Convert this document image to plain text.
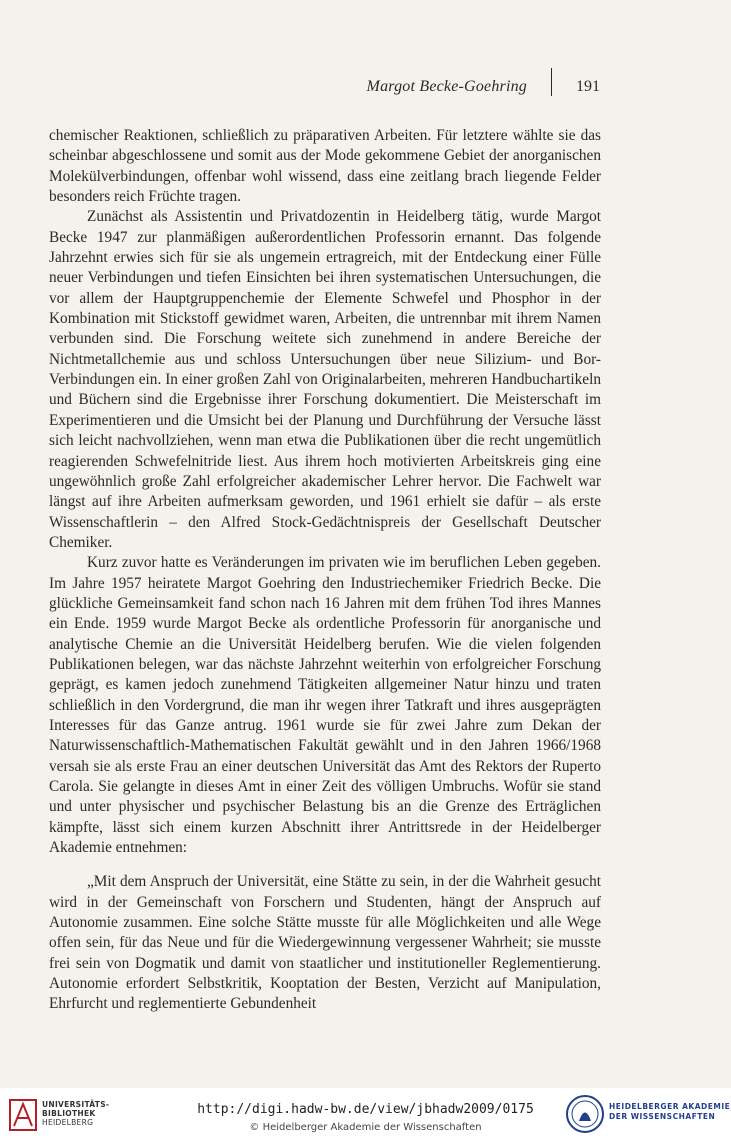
Margot Becke-Goehring	191

chemischer Reaktionen, schließlich zu präparativen Arbeiten. Für letztere wählte sie das scheinbar abgeschlossene und somit aus der Mode gekommene Gebiet der anorganischen Molekülverbindungen, offenbar wohl wissend, dass eine zeitlang brach liegende Felder besonders reich Früchte tragen.

Zunächst als Assistentin und Privatdozentin in Heidelberg tätig, wurde Margot Becke 1947 zur planmäßigen außerordentlichen Professorin ernannt. Das folgende Jahrzehnt erwies sich für sie als ungemein ertragreich, mit der Entdeckung einer Fülle neuer Verbindungen und tiefen Einsichten bei ihren systematischen Untersuchungen, die vor allem der Hauptgruppenchemie der Elemente Schwefel und Phosphor in der Kombination mit Stickstoff gewidmet waren, Arbeiten, die untrennbar mit ihrem Namen verbunden sind. Die Forschung weitete sich zunehmend in andere Bereiche der Nichtmetallchemie aus und schloss Untersuchungen über neue Silizium- und Bor-Verbindungen ein. In einer großen Zahl von Originalarbeiten, mehreren Handbuchartikeln und Büchern sind die Ergebnisse ihrer Forschung dokumentiert. Die Meisterschaft im Experimentieren und die Umsicht bei der Planung und Durchführung der Versuche lässt sich leicht nachvollziehen, wenn man etwa die Publikationen über die recht ungemütlich reagierenden Schwefelnitride liest. Aus ihrem hoch motivierten Arbeitskreis ging eine ungewöhnlich große Zahl erfolgreicher akademischer Lehrer hervor. Die Fachwelt war längst auf ihre Arbeiten aufmerksam geworden, und 1961 erhielt sie dafür – als erste Wissenschaftlerin – den Alfred Stock-Gedächtnispreis der Gesellschaft Deutscher Chemiker.

Kurz zuvor hatte es Veränderungen im privaten wie im beruflichen Leben gegeben. Im Jahre 1957 heiratete Margot Goehring den Industriechemiker Friedrich Becke. Die glückliche Gemeinsamkeit fand schon nach 16 Jahren mit dem frühen Tod ihres Mannes ein Ende. 1959 wurde Margot Becke als ordentliche Professorin für anorganische und analytische Chemie an die Universität Heidelberg berufen. Wie die vielen folgenden Publikationen belegen, war das nächste Jahrzehnt weiterhin von erfolgreicher Forschung geprägt, es kamen jedoch zunehmend Tätigkeiten allgemeiner Natur hinzu und traten schließlich in den Vordergrund, die man ihr wegen ihrer Tatkraft und ihres ausgeprägten Interesses für das Ganze antrug. 1961 wurde sie für zwei Jahre zum Dekan der Naturwissenschaftlich-Mathematischen Fakultät gewählt und in den Jahren 1966/1968 versah sie als erste Frau an einer deutschen Universität das Amt des Rektors der Ruperto Carola. Sie gelangte in dieses Amt in einer Zeit des völligen Umbruchs. Wofür sie stand und unter physischer und psychischer Belastung bis an die Grenze des Erträglichen kämpfte, lässt sich einem kurzen Abschnitt ihrer Antrittsrede in der Heidelberger Akademie entnehmen:

„Mit dem Anspruch der Universität, eine Stätte zu sein, in der die Wahrheit gesucht wird in der Gemeinschaft von Forschern und Studenten, hängt der Anspruch auf Autonomie zusammen. Eine solche Stätte musste für alle Möglichkeiten und alle Wege offen sein, für das Neue und für die Wiedergewinnung vergessener Wahrheit; sie musste frei sein von Dogmatik und damit von staatlicher und institutioneller Reglementierung. Autonomie erfordert Selbstkritik, Kooptation der Besten, Verzicht auf Manipulation, Ehrfurcht und reglementierte Gebundenheit

UNIVERSITÄTS-
BIBLIOTHEK
HEIDELBERG
http://digi.hadw-bw.de/view/jbhadw2009/0175
© Heidelberger Akademie der Wissenschaften
HEIDELBERGER AKADEMIE
DER WISSENSCHAFTEN
